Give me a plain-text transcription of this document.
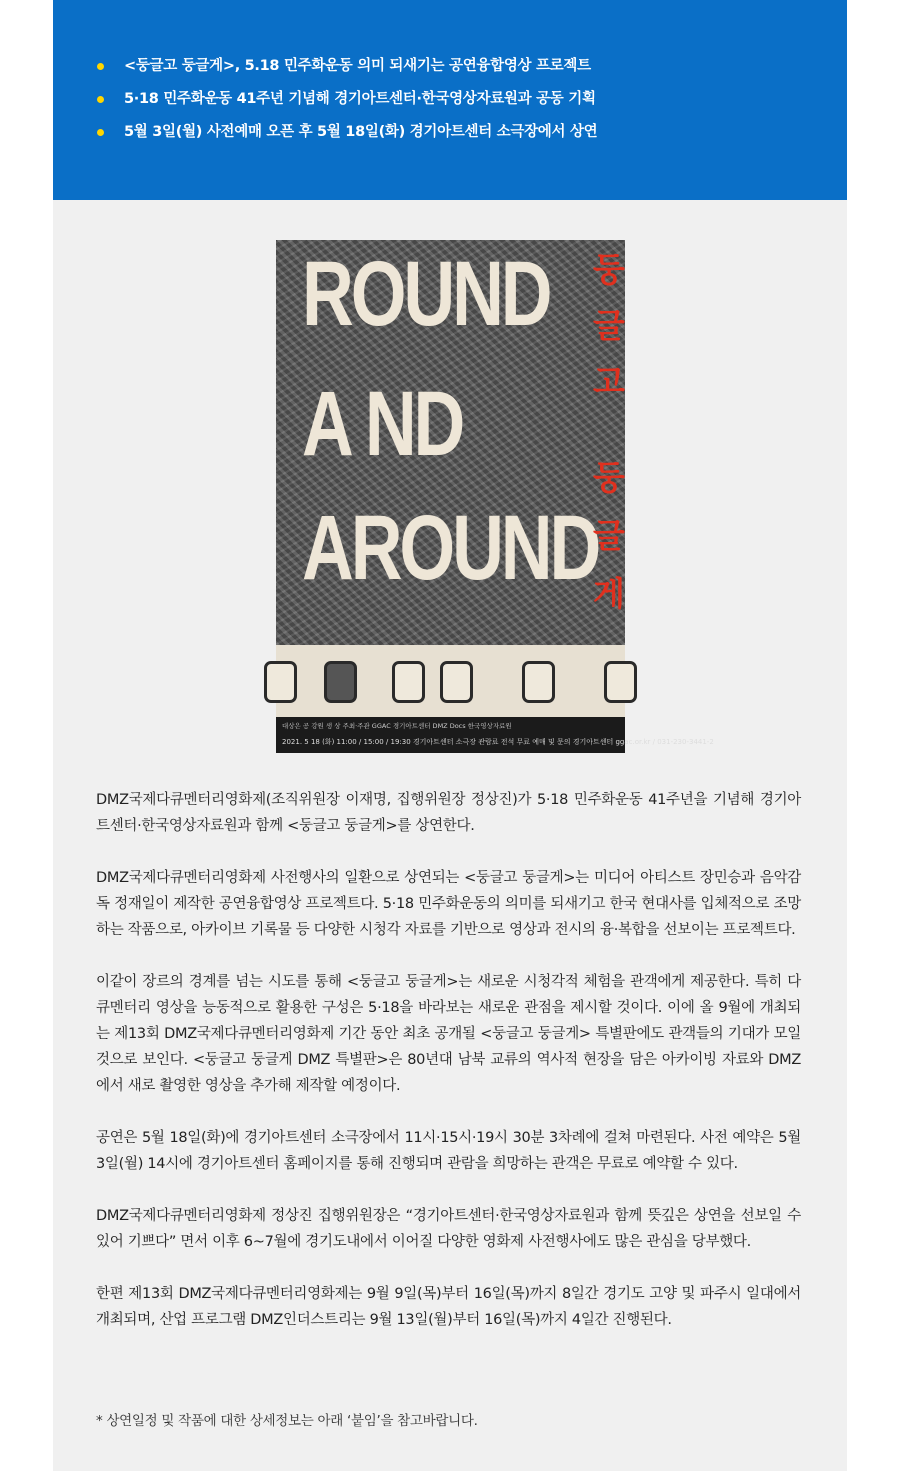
<둥글고 둥글게>, 5.18 민주화운동 의미 되새기는 공연융합영상 프로젝트
5·18 민주화운동 41주년 기념해 경기아트센터·한국영상자료원과 공동 기획
5월 3일(월) 사전예매 오픈 후 5월 18일(화) 경기아트센터 소극장에서 상연
ROUND
A ND
AROUND
둥
글
고
둥
글
게
대상은 공 강원 생 상 주최·주관 GGAC 경기아트센터 DMZ Docs 한국영상자료원
2021. 5 18 (화) 11:00 / 15:00 / 19:30 경기아트센터 소극장 관람료 전석 무료 예매 및 문의 경기아트센터 ggac.or.kr / 031-230-3441-2

DMZ국제다큐멘터리영화제(조직위원장 이재명, 집행위원장 정상진)가 5·18 민주화운동 41주년을 기념해 경기아트센터·한국영상자료원과 함께 <둥글고 둥글게>를 상연한다.

DMZ국제다큐멘터리영화제 사전행사의 일환으로 상연되는 <둥글고 둥글게>는 미디어 아티스트 장민승과 음악감독 정재일이 제작한 공연융합영상 프로젝트다. 5·18 민주화운동의 의미를 되새기고 한국 현대사를 입체적으로 조망하는 작품으로, 아카이브 기록물 등 다양한 시청각 자료를 기반으로 영상과 전시의 융·복합을 선보이는 프로젝트다.

이같이 장르의 경계를 넘는 시도를 통해 <둥글고 둥글게>는 새로운 시청각적 체험을 관객에게 제공한다. 특히 다큐멘터리 영상을 능동적으로 활용한 구성은 5·18을 바라보는 새로운 관점을 제시할 것이다. 이에 올 9월에 개최되는 제13회 DMZ국제다큐멘터리영화제 기간 동안 최초 공개될 <둥글고 둥글게> 특별판에도 관객들의 기대가 모일 것으로 보인다. <둥글고 둥글게 DMZ 특별판>은 80년대 남북 교류의 역사적 현장을 담은 아카이빙 자료와 DMZ에서 새로 촬영한 영상을 추가해 제작할 예정이다.

공연은 5월 18일(화)에 경기아트센터 소극장에서 11시·15시·19시 30분 3차례에 걸쳐 마련된다. 사전 예약은 5월 3일(월) 14시에 경기아트센터 홈페이지를 통해 진행되며 관람을 희망하는 관객은 무료로 예약할 수 있다.

DMZ국제다큐멘터리영화제 정상진 집행위원장은 “경기아트센터·한국영상자료원과 함께 뜻깊은 상연을 선보일 수 있어 기쁘다” 면서 이후 6~7월에 경기도내에서 이어질 다양한 영화제 사전행사에도 많은 관심을 당부했다.

한편 제13회 DMZ국제다큐멘터리영화제는 9월 9일(목)부터 16일(목)까지 8일간 경기도 고양 및 파주시 일대에서 개최되며, 산업 프로그램 DMZ인더스트리는 9월 13일(월)부터 16일(목)까지 4일간 진행된다.

* 상연일정 및 작품에 대한 상세정보는 아래 ‘붙임’을 참고바랍니다.
